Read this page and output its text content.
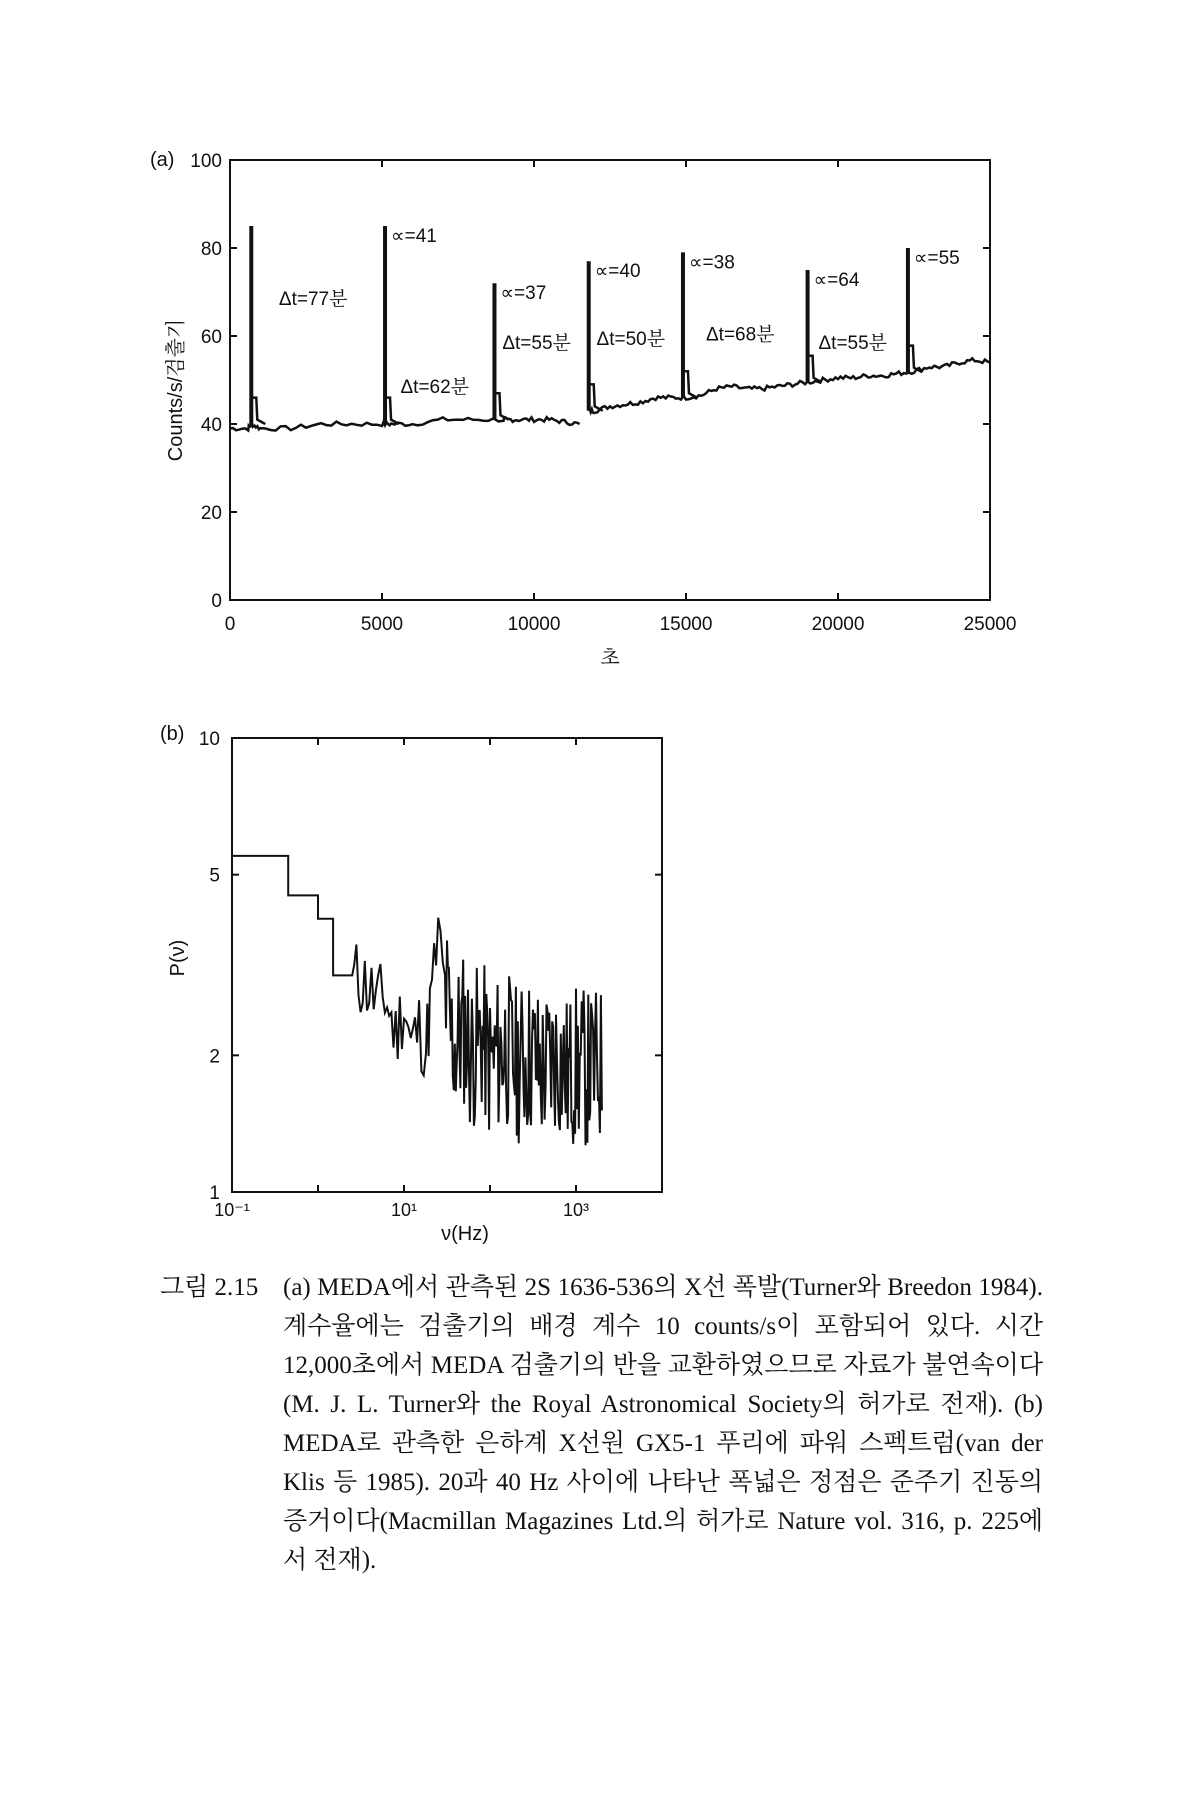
(a)
0	5000	10000	15000	20000	25000
0
20
40
60
80
100
Δt=77분
∝=41
Δt=62분
∝=37
Δt=55분
∝=40
Δt=50분
∝=38
Δt=68분
∝=64
Δt=55분
∝=55
Counts/s/검출기
초
(b)
10⁻¹	10¹	10³
1
2
5
10
P(ν)
ν(Hz)
그림 2.15 (a) MEDA에서 관측된 2S 1636-536의 X선 폭발(Turner와 Breedon 1984). 계수율에는 검출기의 배경 계수 10 counts/s이 포함되어 있다. 시간 12,000초에서 MEDA 검출기의 반을 교환하였으므로 자료가 불연속이다(M. J. L. Turner와 the Royal Astronomical Society의 허가로 전재). (b) MEDA로 관측한 은하계 X선원 GX5-1 푸리에 파워 스펙트럼(van der Klis 등 1985). 20과 40 Hz 사이에 나타난 폭넓은 정점은 준주기 진동의 증거이다(Macmillan Magazines Ltd.의 허가로 Nature vol. 316, p. 225에서 전재).
